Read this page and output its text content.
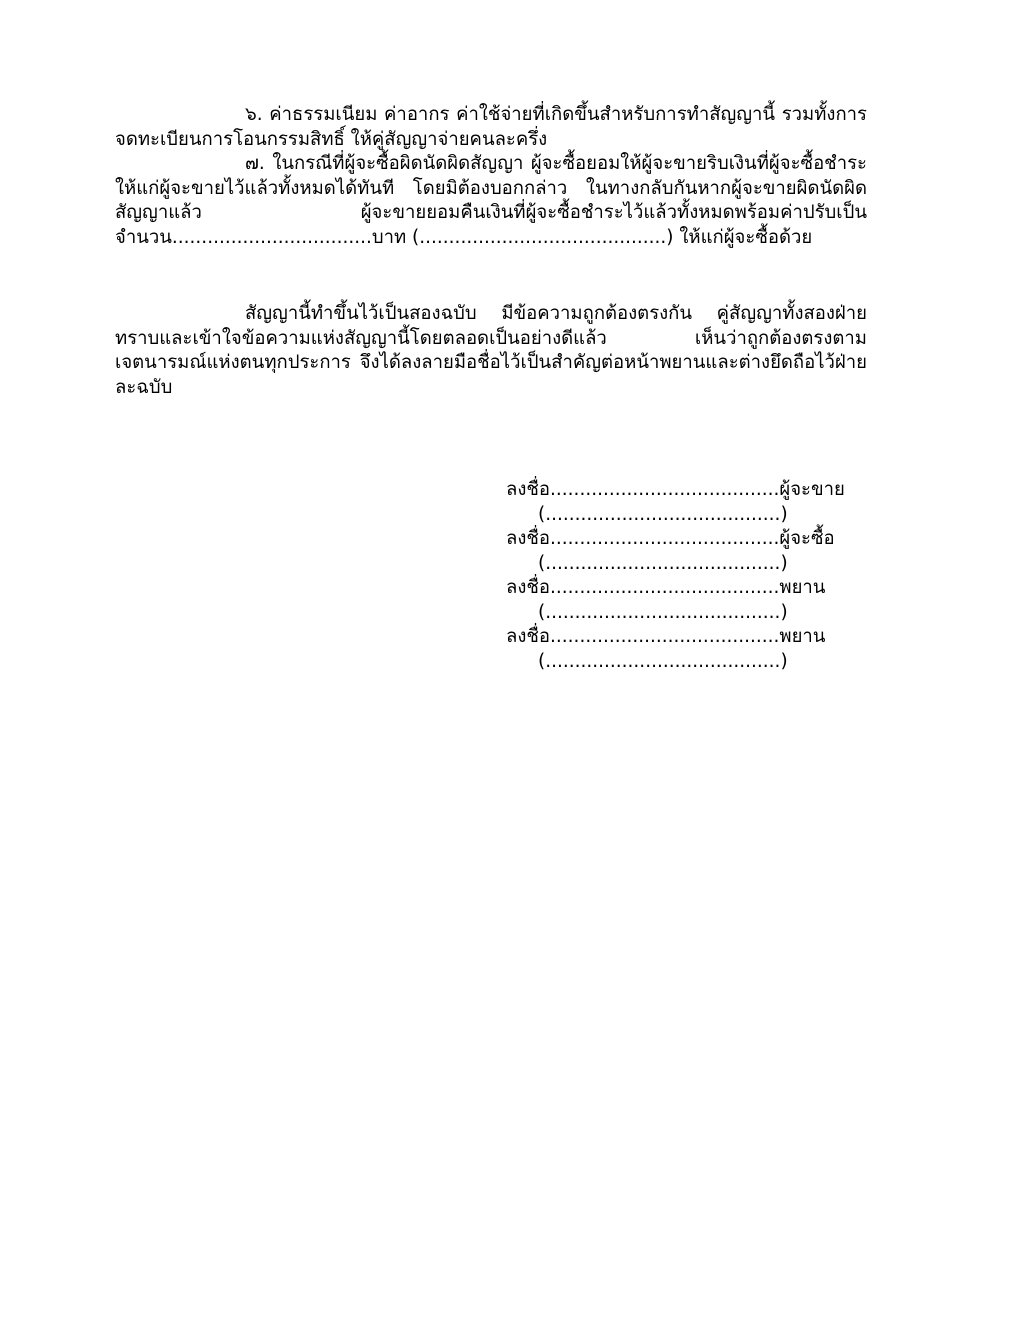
๖. ค่าธรรมเนียม ค่าอากร ค่าใช้จ่ายที่เกิดขึ้นสำหรับการทำสัญญานี้ รวมทั้งการจดทะเบียนการโอนกรรมสิทธิ์ ให้คู่สัญญาจ่ายคนละครึ่ง

๗. ในกรณีที่ผู้จะซื้อผิดนัดผิดสัญญา ผู้จะซื้อยอมให้ผู้จะขายริบเงินที่ผู้จะซื้อชำระให้แก่ผู้จะขายไว้แล้วทั้งหมดได้ทันที โดยมิต้องบอกกล่าว ในทางกลับกันหากผู้จะขายผิดนัดผิดสัญญาแล้ว ผู้จะขายยอมคืนเงินที่ผู้จะซื้อชำระไว้แล้วทั้งหมดพร้อมค่าปรับเป็นจำนวน..................................บาท (..........................................) ให้แก่ผู้จะซื้อด้วย

สัญญานี้ทำขึ้นไว้เป็นสองฉบับ มีข้อความถูกต้องตรงกัน คู่สัญญาทั้งสองฝ่ายทราบและเข้าใจข้อความแห่งสัญญานี้โดยตลอดเป็นอย่างดีแล้ว เห็นว่าถูกต้องตรงตามเจตนารมณ์แห่งตนทุกประการ จึงได้ลงลายมือชื่อไว้เป็นสำคัญต่อหน้าพยานและต่างยึดถือไว้ฝ่ายละฉบับ

ลงชื่อ.......................................ผู้จะขาย
(........................................)
ลงชื่อ.......................................ผู้จะซื้อ
(........................................)
ลงชื่อ.......................................พยาน
(........................................)
ลงชื่อ.......................................พยาน
(........................................)
